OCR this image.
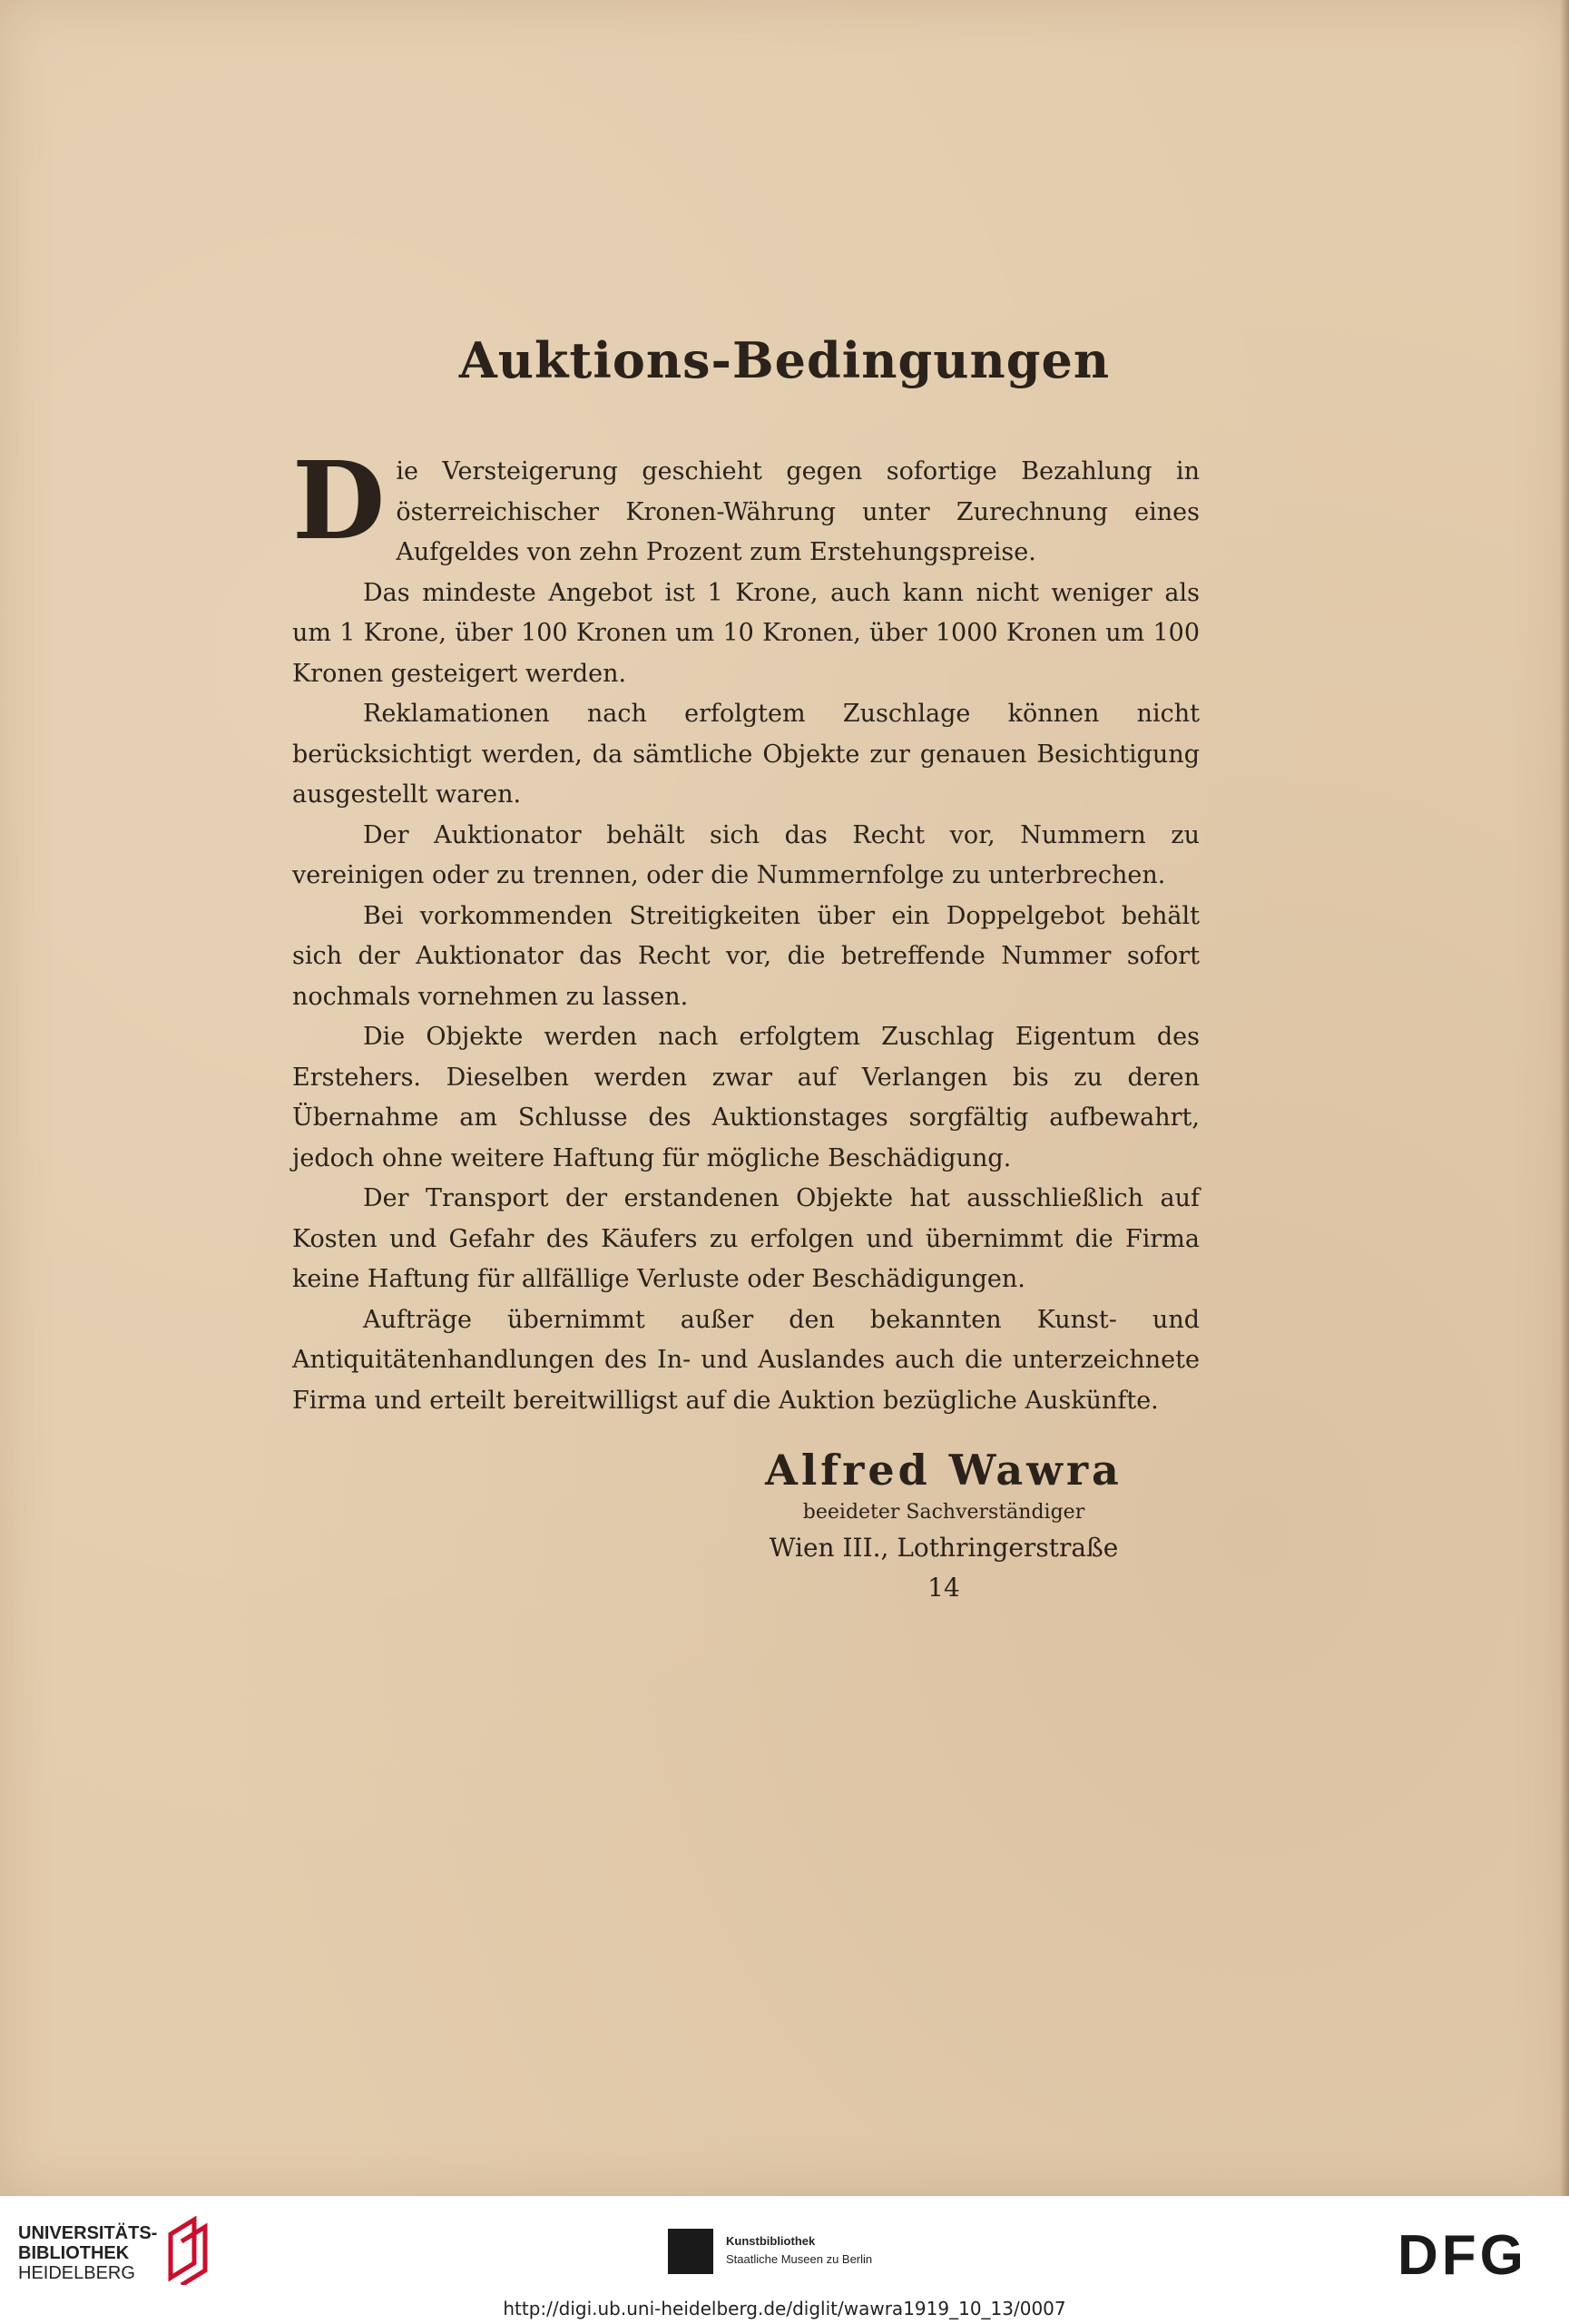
Auktions-Bedingungen

Die Versteigerung geschieht gegen sofortige Bezahlung in österreichischer Kronen-Währung unter Zurechnung eines Aufgeldes von zehn Prozent zum Erstehungspreise.

Das mindeste Angebot ist 1 Krone, auch kann nicht weniger als um 1 Krone, über 100 Kronen um 10 Kronen, über 1000 Kronen um 100 Kronen gesteigert werden.

Reklamationen nach erfolgtem Zuschlage können nicht berücksichtigt werden, da sämtliche Objekte zur genauen Besichtigung ausgestellt waren.

Der Auktionator behält sich das Recht vor, Nummern zu vereinigen oder zu trennen, oder die Nummernfolge zu unterbrechen.

Bei vorkommenden Streitigkeiten über ein Doppelgebot behält sich der Auktionator das Recht vor, die betreffende Nummer sofort nochmals vornehmen zu lassen.

Die Objekte werden nach erfolgtem Zuschlag Eigentum des Erstehers. Dieselben werden zwar auf Verlangen bis zu deren Übernahme am Schlusse des Auktionstages sorgfältig aufbewahrt, jedoch ohne weitere Haftung für mögliche Beschädigung.

Der Transport der erstandenen Objekte hat ausschließlich auf Kosten und Gefahr des Käufers zu erfolgen und übernimmt die Firma keine Haftung für allfällige Verluste oder Beschädigungen.

Aufträge übernimmt außer den bekannten Kunst- und Antiquitätenhandlungen des In- und Auslandes auch die unterzeichnete Firma und erteilt bereitwilligst auf die Auktion bezügliche Auskünfte.

Alfred Wawra
beeideter Sachverständiger
Wien III., Lothringerstraße 14
UNIVERSITÄTS-
BIBLIOTHEK
HEIDELBERG
Kunstbibliothek
Staatliche Museen zu Berlin	DFG
http://digi.ub.uni-heidelberg.de/diglit/wawra1919_10_13/0007
